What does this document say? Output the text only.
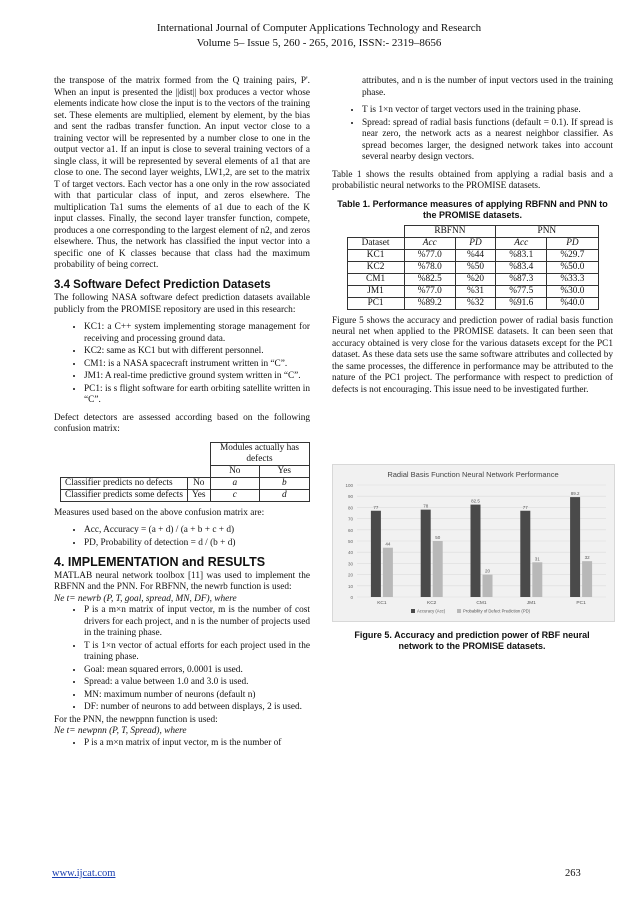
International Journal of Computer Applications Technology and Research
Volume 5– Issue 5, 260 - 265, 2016, ISSN:- 2319–8656

the transpose of the matrix formed from the Q training pairs, P'. When an input is presented the ||dist|| box produces a vector whose elements indicate how close the input is to the vectors of the training set. These elements are multiplied, element by element, by the bias and sent the radbas transfer function. An input vector close to a training vector will be represented by a number close to one in the output vector a1. If an input is close to several training vectors of a single class, it will be represented by several elements of a1 that are close to one. The second layer weights, LW1,2, are set to the matrix T of target vectors. Each vector has a one only in the row associated with that particular class of input, and zeros elsewhere. The multiplication Ta1 sums the elements of a1 due to each of the K input classes. Finally, the second layer transfer function, compete, produces a one corresponding to the largest element of n2, and zeros elsewhere. Thus, the network has classified the input vector into a specific one of K classes because that class had the maximum probability of being correct.

3.4 Software Defect Prediction Datasets

The following NASA software defect prediction datasets available publicly from the PROMISE repository are used in this research:

• KC1: a C++ system implementing storage management for receiving and processing ground data.
• KC2: same as KC1 but with different personnel.
• CM1: is a NASA spacecraft instrument written in “C”.
• JM1: A real-time predictive ground system written in “C”.
• PC1: is s flight software for earth orbiting satellite written in “C”.

Defect detectors are assessed according based on the following confusion matrix:

		Modules actually has defects	
		No	Yes
Classifier predicts no defects	No	a	b
Classifier predicts some defects	Yes	c	d

Measures used based on the above confusion matrix are:

• Acc, Accuracy = (a + d) / (a + b + c + d)
• PD, Probability of detection = d / (b + d)
4. IMPLEMENTATION and RESULTS

MATLAB neural network toolbox [11] was used to implement the RBFNN and the PNN. For RBFNN, the newrb function is used:

Ne t= newrb (P, T, goal, spread, MN, DF), where
• P is a m×n matrix of input vector, m is the number of cost drivers for each project, and n is the number of projects used in the training phase.
• T is 1×n vector of actual efforts for each project used in the training phase.
• Goal: mean squared errors, 0.0001 is used.
• Spread: a value between 1.0 and 3.0 is used.
• MN: maximum number of neurons (default n)
• DF: number of neurons to add between displays, 2 is used.
For the PNN, the newppnn function is used:
Ne t= newpnn (P, T, Spread), where
• P is a m×n matrix of input vector, m is the number of

attributes, and n is the number of input vectors used in the training phase.

• T is 1×n vector of target vectors used in the training phase.
• Spread: spread of radial basis functions (default = 0.1). If spread is near zero, the network acts as a nearest neighbor classifier. As spread becomes larger, the designed network takes into account several nearby design vectors.

Table 1 shows the results obtained from applying a radial basis and a probabilistic neural networks to the PROMISE datasets.

Table 1. Performance measures of applying RBFNN and PNN to the PROMISE datasets.
	RBFNN		PNN	
Dataset	Acc	PD	Acc	PD
KC1	%77.0	%44	%83.1	%29.7
KC2	%78.0	%50	%83.4	%50.0
CM1	%82.5	%20	%87.3	%33.3
JM1	%77.0	%31	%77.5	%30.0
PC1	%89.2	%32	%91.6	%40.0

Figure 5 shows the accuracy and prediction power of radial basis function neural net when applied to the PROMISE datasets. It can been seen that accuracy obtained is very close for the various datasets except for the PC1 dataset. As these data sets use the same software attributes and collected by the same processes, the difference in performance may be attributed to the nature of the PC1 project. The performance with respect to prediction of defects is not encouraging. This issue need to be investigated further.

Radial Basis Function Neural Network Performance
0
10
20
30
40
50
60
70
80
90
100
77
44
KC1
78
50
KC2
82.5
20
CM1
77
31
JM1
89.2
32
PC1
Accuracy (Acc)	Probability of Defect Prediction (PD)
Figure 5. Accuracy and prediction power of RBF neural network to the PROMISE datasets.
www.ijcat.com	263
